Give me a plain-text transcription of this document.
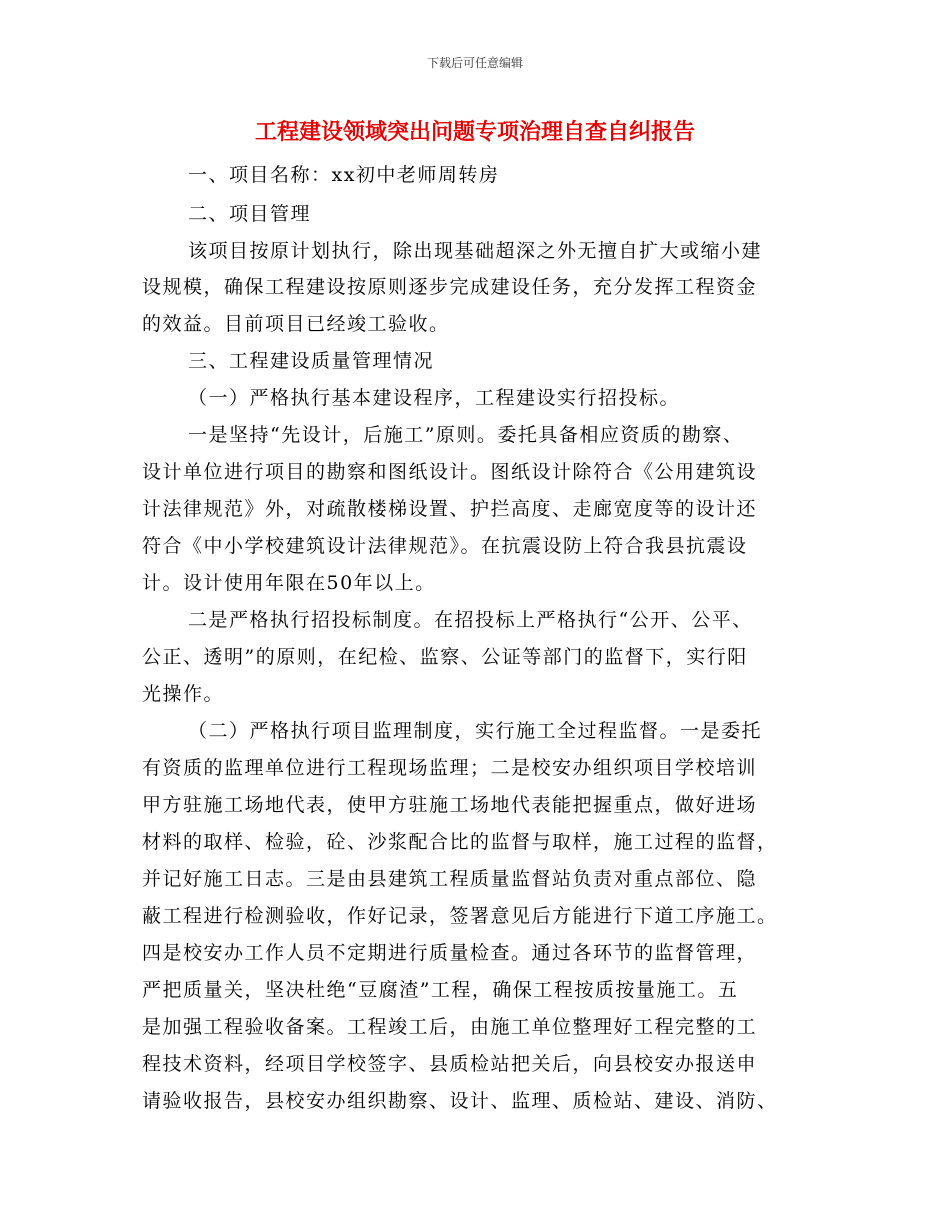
下载后可任意编辑
工程建设领域突出问题专项治理自查自纠报告
一、项目名称：xx初中老师周转房
二、项目管理
该项目按原计划执行，除出现基础超深之外无擅自扩大或缩小建
设规模，确保工程建设按原则逐步完成建设任务，充分发挥工程资金
的效益。目前项目已经竣工验收。
三、工程建设质量管理情况
（一）严格执行基本建设程序，工程建设实行招投标。
一是坚持“先设计，后施工”原则。委托具备相应资质的勘察、
设计单位进行项目的勘察和图纸设计。图纸设计除符合《公用建筑设
计法律规范》外，对疏散楼梯设置、护拦高度、走廊宽度等的设计还
符合《中小学校建筑设计法律规范》。在抗震设防上符合我县抗震设
计。设计使用年限在50年以上。
二是严格执行招投标制度。在招投标上严格执行“公开、公平、
公正、透明”的原则，在纪检、监察、公证等部门的监督下，实行阳
光操作。
（二）严格执行项目监理制度，实行施工全过程监督。一是委托
有资质的监理单位进行工程现场监理；二是校安办组织项目学校培训
甲方驻施工场地代表，使甲方驻施工场地代表能把握重点，做好进场
材料的取样、检验，砼、沙浆配合比的监督与取样，施工过程的监督，
并记好施工日志。三是由县建筑工程质量监督站负责对重点部位、隐
蔽工程进行检测验收，作好记录，签署意见后方能进行下道工序施工。
四是校安办工作人员不定期进行质量检查。通过各环节的监督管理，
严把质量关，坚决杜绝“豆腐渣”工程，确保工程按质按量施工。五
是加强工程验收备案。工程竣工后，由施工单位整理好工程完整的工
程技术资料，经项目学校签字、县质检站把关后，向县校安办报送申
请验收报告，县校安办组织勘察、设计、监理、质检站、建设、消防、
